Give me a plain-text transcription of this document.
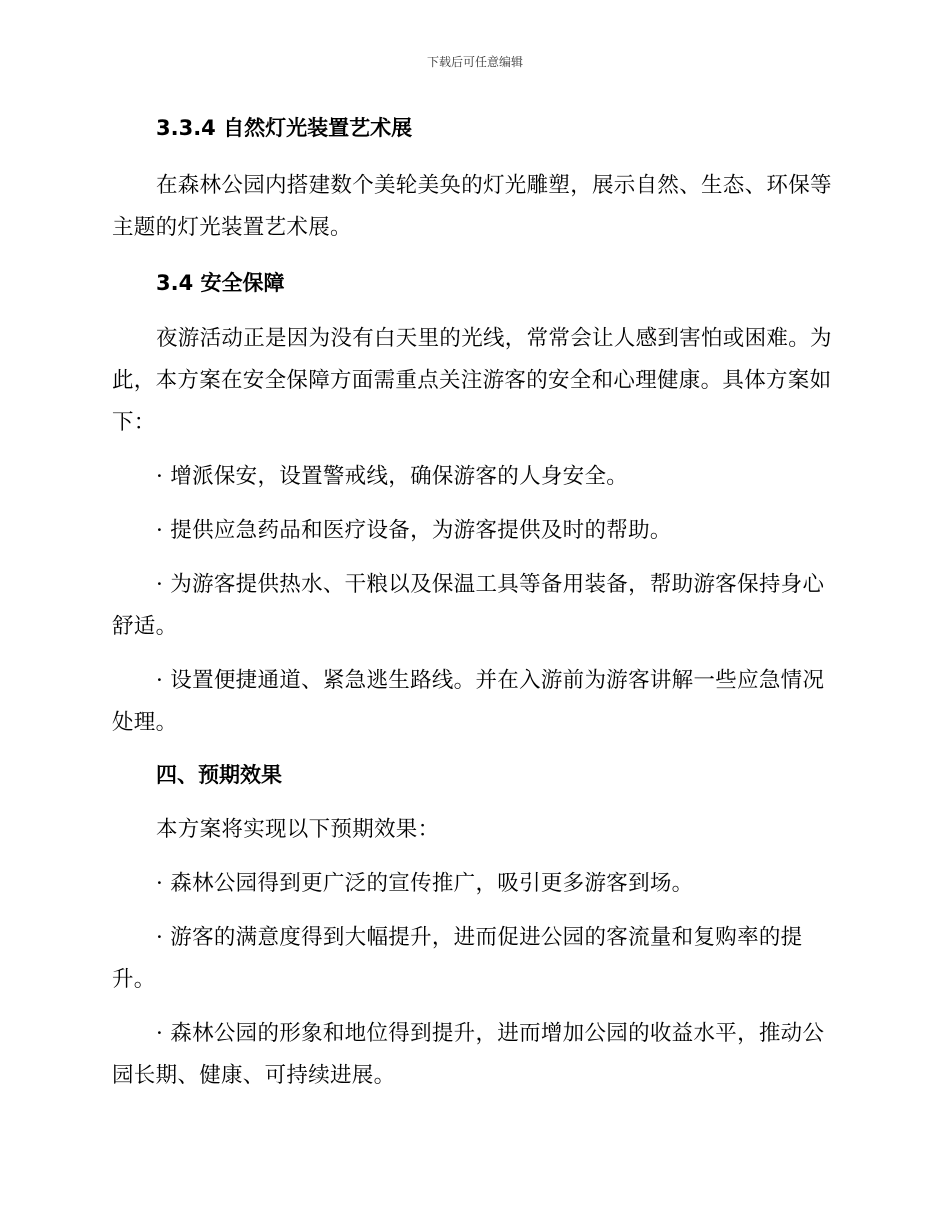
下载后可任意编辑
3.3.4 自然灯光装置艺术展

在森林公园内搭建数个美轮美奂的灯光雕塑，展示自然、生态、环保等主题的灯光装置艺术展。

3.4 安全保障

夜游活动正是因为没有白天里的光线，常常会让人感到害怕或困难。为此，本方案在安全保障方面需重点关注游客的安全和心理健康。具体方案如下：

· 增派保安，设置警戒线，确保游客的人身安全。

· 提供应急药品和医疗设备，为游客提供及时的帮助。

· 为游客提供热水、干粮以及保温工具等备用装备，帮助游客保持身心舒适。

· 设置便捷通道、紧急逃生路线。并在入游前为游客讲解一些应急情况处理。

四、预期效果

本方案将实现以下预期效果：

· 森林公园得到更广泛的宣传推广，吸引更多游客到场。

· 游客的满意度得到大幅提升，进而促进公园的客流量和复购率的提升。

· 森林公园的形象和地位得到提升，进而增加公园的收益水平，推动公园长期、健康、可持续进展。
